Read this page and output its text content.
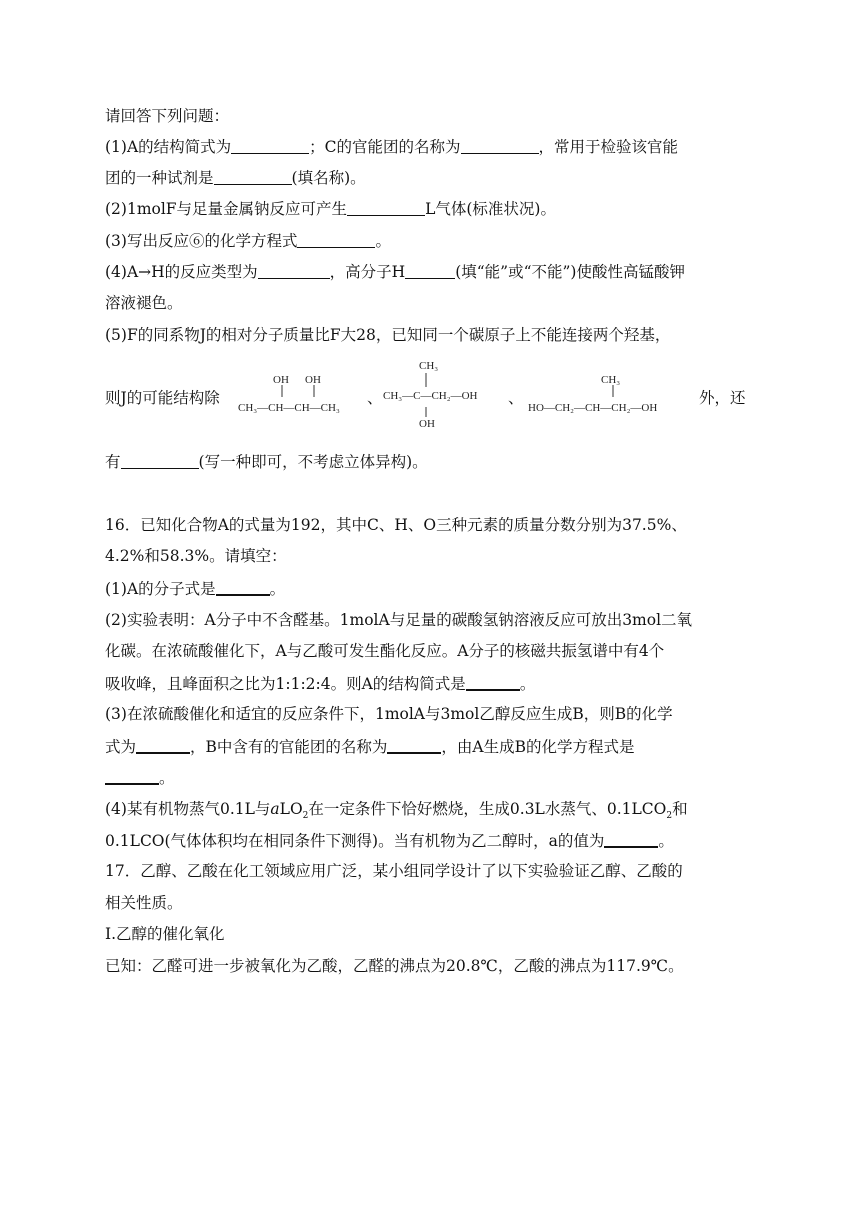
请回答下列问题：
(1)A的结构简式为	；C的官能团的名称为	，常用于检验该官能
团的一种试剂是	(填名称)。
(2)1molF与足量金属钠反应可产生	L气体(标准状况)。
(3)写出反应⑥的化学方程式	。
(4)A→H的反应类型为	，高分子H	(填“能”或“不能”)使酸性高锰酸钾
溶液褪色。
(5)F的同系物J的相对分子质量比F大28，已知同一个碳原子上不能连接两个羟基，
则J的可能结构除
OH OH
CH₃—CH—CH—CH₃
、
CH₃
CH₃—C—CH₂—OH
OH
、
CH₃
HO—CH₂—CH—CH₂—OH
外，还
有	(写一种即可，不考虑立体异构)。
16．已知化合物A的式量为192，其中C、H、O三种元素的质量分数分别为37.5%、
4.2%和58.3%。请填空：
(1)A的分子式是	。
(2)实验表明：A分子中不含醛基。1molA与足量的碳酸氢钠溶液反应可放出3mol二氧
化碳。在浓硫酸催化下，A与乙酸可发生酯化反应。A分子的核磁共振氢谱中有4个
吸收峰，且峰面积之比为1:1:2:4。则A的结构简式是	。
(3)在浓硫酸催化和适宜的反应条件下，1molA与3mol乙醇反应生成B，则B的化学
式为	，B中含有的官能团的名称为	，由A生成B的化学方程式是
。
(4)某有机物蒸气0.1L与aLO$_2$在一定条件下恰好燃烧，生成0.3L水蒸气、$0.1LCO_2$和
0.1LCO(气体体积均在相同条件下测得)。当有机物为乙二醇时，a的值为	。
17．乙醇、乙酸在化工领域应用广泛，某小组同学设计了以下实验验证乙醇、乙酸的
相关性质。
I.乙醇的催化氧化
已知：乙醛可进一步被氧化为乙酸，乙醛的沸点为20.8℃，乙酸的沸点为117.9℃。
